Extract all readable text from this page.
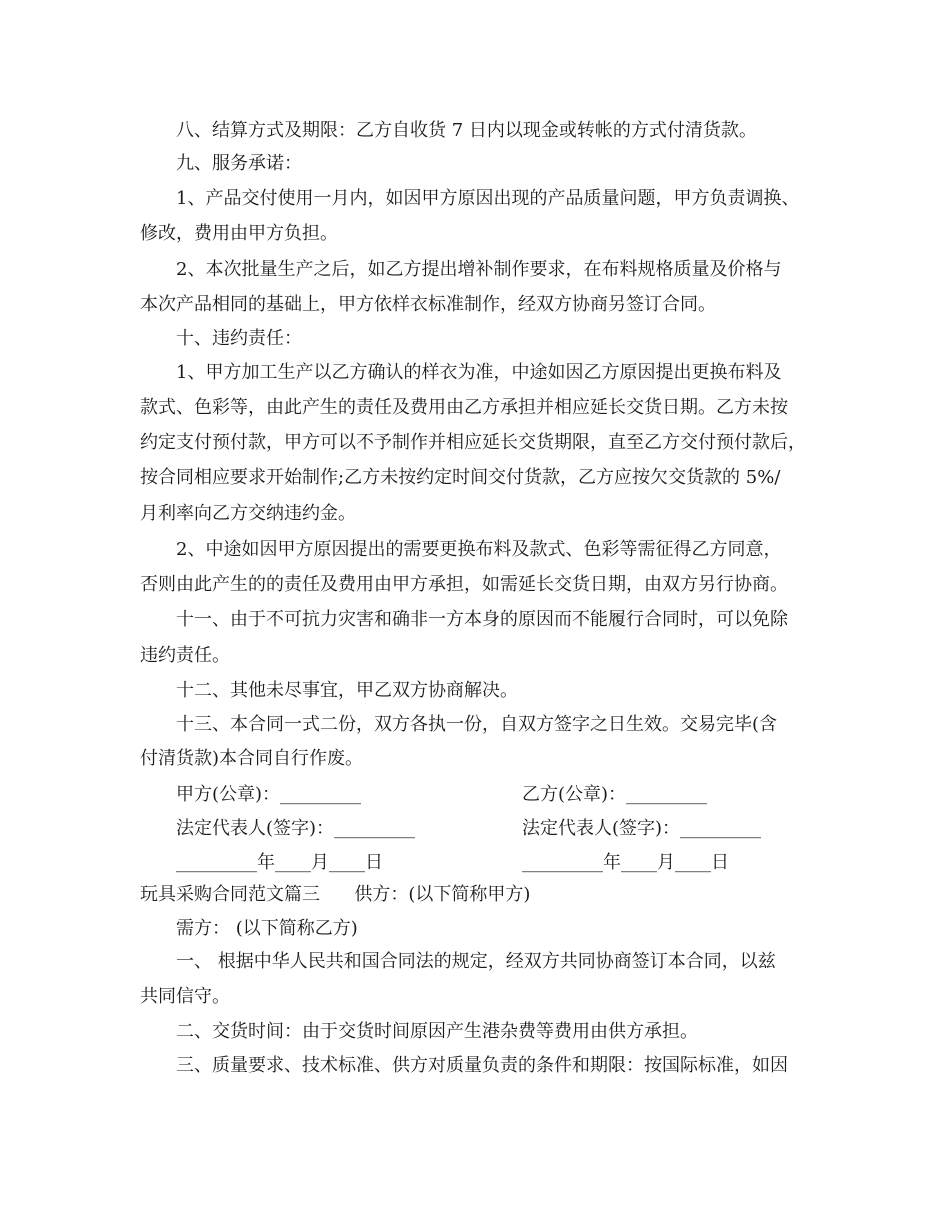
八、结算方式及期限：乙方自收货 7 日内以现金或转帐的方式付清货款。
九、服务承诺：
1、产品交付使用一月内，如因甲方原因出现的产品质量问题，甲方负责调换、
修改，费用由甲方负担。
2、本次批量生产之后，如乙方提出增补制作要求，在布料规格质量及价格与
本次产品相同的基础上，甲方依样衣标准制作，经双方协商另签订合同。
十、违约责任：
1、甲方加工生产以乙方确认的样衣为准，中途如因乙方原因提出更换布料及
款式、色彩等，由此产生的责任及费用由乙方承担并相应延长交货日期。乙方未按
约定支付预付款，甲方可以不予制作并相应延长交货期限，直至乙方交付预付款后，
按合同相应要求开始制作;乙方未按约定时间交付货款，乙方应按欠交货款的 5%/
月利率向乙方交纳违约金。
2、中途如因甲方原因提出的需要更换布料及款式、色彩等需征得乙方同意，
否则由此产生的的责任及费用由甲方承担，如需延长交货日期，由双方另行协商。
十一、由于不可抗力灾害和确非一方本身的原因而不能履行合同时，可以免除
违约责任。
十二、其他未尽事宜，甲乙双方协商解决。
十三、本合同一式二份，双方各执一份，自双方签字之日生效。交易完毕(含
付清货款)本合同自行作废。
甲方(公章)：_________	乙方(公章)：_________
法定代表人(签字)：_________	法定代表人(签字)：_________
_________年____月____日	_________年____月____日
玩具采购合同范文篇三      供方：(以下简称甲方)
需方： (以下简称乙方)
一、 根据中华人民共和国合同法的规定，经双方共同协商签订本合同，以兹
共同信守。
二、交货时间：由于交货时间原因产生港杂费等费用由供方承担。
三、质量要求、技术标准、供方对质量负责的条件和期限：按国际标准，如因
